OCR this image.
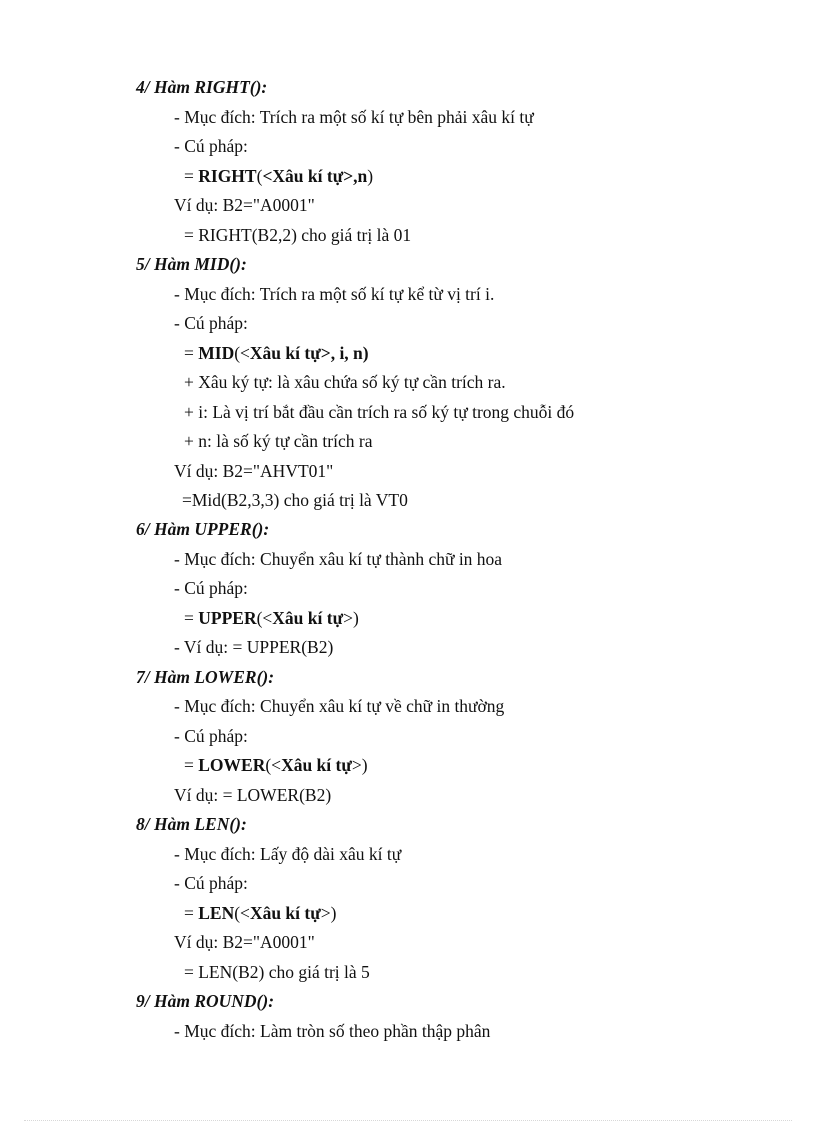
4/ Hàm RIGHT():
- Mục đích: Trích ra một số kí tự bên phải xâu kí tự
- Cú pháp:
= RIGHT(<Xâu kí tự>,n)
Ví dụ: B2="A0001"
= RIGHT(B2,2) cho giá trị là 01
5/ Hàm MID():
- Mục đích: Trích ra một số kí tự kể từ vị trí i.
- Cú pháp:
= MID(<Xâu kí tự>, i, n)
+ Xâu ký tự: là xâu chứa số ký tự cần trích ra.
+ i: Là vị trí bắt đầu cần trích ra số ký tự trong chuỗi đó
+ n: là số ký tự cần trích ra
Ví dụ: B2="AHVT01"
=Mid(B2,3,3) cho giá trị là VT0
6/ Hàm UPPER():
- Mục đích: Chuyển xâu kí tự thành chữ in hoa
- Cú pháp:
= UPPER(<Xâu kí tự>)
- Ví dụ: = UPPER(B2)
7/ Hàm LOWER():
- Mục đích: Chuyển xâu kí tự về chữ in thường
- Cú pháp:
= LOWER(<Xâu kí tự>)
Ví dụ: = LOWER(B2)
8/ Hàm LEN():
- Mục đích: Lấy độ dài xâu kí tự
- Cú pháp:
= LEN(<Xâu kí tự>)
Ví dụ: B2="A0001"
= LEN(B2) cho giá trị là 5
9/ Hàm ROUND():
- Mục đích: Làm tròn số theo phần thập phân
